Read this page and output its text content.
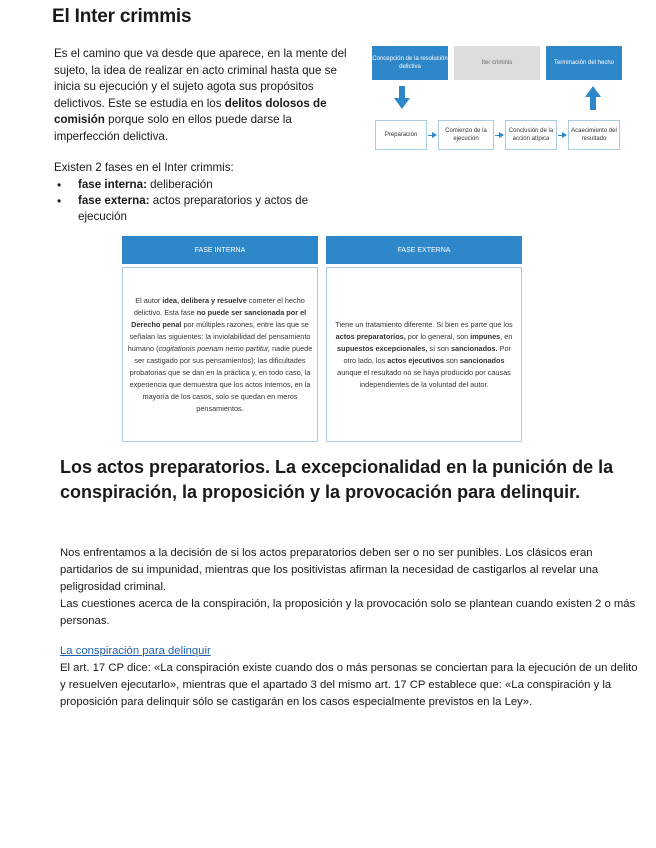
El Inter crimmis
Es el camino que va desde que aparece, en la mente del sujeto, la idea de realizar en acto criminal hasta que se inicia su ejecución y el sujeto agota sus propósitos delictivos. Este se estudia en los delitos dolosos de comisión porque solo en ellos puede darse la imperfección delictiva.
Existen 2 fases en el Inter crimmis:
• fase interna: deliberación
• fase externa: actos preparatorios y actos de ejecución
Concepción de la resolución delictiva
Iter criminis	Terminación del hecho
Preparación
Comienzo de la ejecución
Conclusión de la acción atípica
Acaecimiento del resultado
FASE INTERNA	FASE EXTERNA
El autor idea, delibera y resuelve cometer el hecho delictivo. Esta fase no puede ser sancionada por el Derecho penal por múltiples razones, entre las que se señalan las siguientes: la inviolabilidad del pensamiento humano (cogitationis poenam nemo partitur, nadie puede ser castigado por sus pensamientos); las dificultades probatorias que se dan en la práctica y, en todo caso, la experiencia que demuestra que los actos internos, en la mayoría de los casos, solo se quedan en meros pensamientos.
Tiene un tratamiento diferente. Si bien es parte que los actos preparatorios, por lo general, son impunes, en supuestos excepcionales, sí son sancionados. Por otro lado, los actos ejecutivos son sancionados aunque el resultado no se haya producido por causas independientes de la voluntad del autor.
Los actos preparatorios. La excepcionalidad en la punición de la conspiración, la proposición y la provocación para delinquir.
Nos enfrentamos a la decisión de si los actos preparatorios deben ser o no ser punibles. Los clásicos eran partidarios de su impunidad, mientras que los positivistas afirman la necesidad de castigarlos al revelar una peligrosidad criminal.
Las cuestiones acerca de la conspiración, la proposición y la provocación solo se plantean cuando existen 2 o más personas.
La conspiración para delinquir
El art. 17 CP dice: «La conspiración existe cuando dos o más personas se conciertan para la ejecución de un delito y resuelven ejecutarlo», mientras que el apartado 3 del mismo art. 17 CP establece que: «La conspiración y la proposición para delinquir sólo se castigarán en los casos especialmente previstos en la Ley».
